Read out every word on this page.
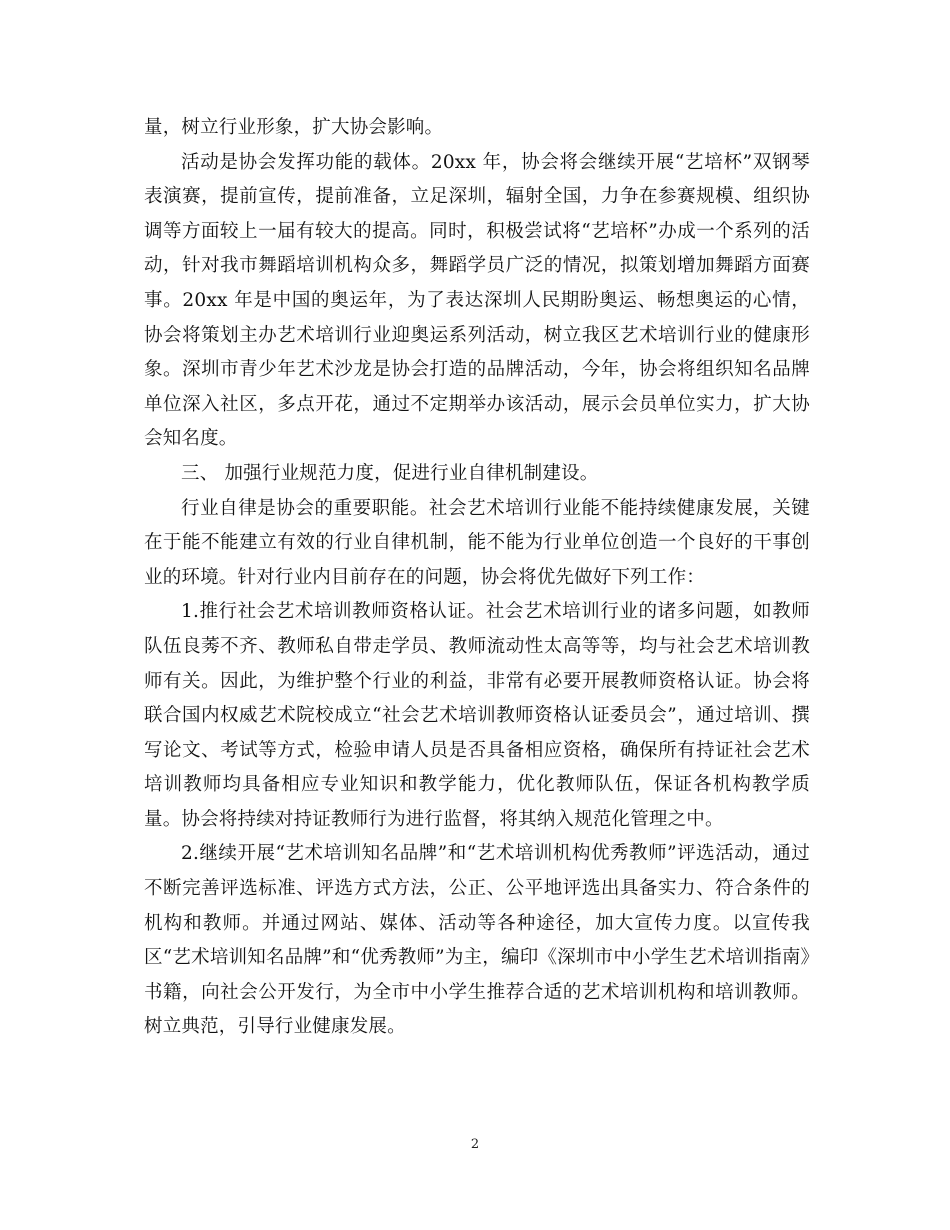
量，树立行业形象，扩大协会影响。

活动是协会发挥功能的载体。20xx 年，协会将会继续开展“艺培杯”双钢琴表演赛，提前宣传，提前准备，立足深圳，辐射全国，力争在参赛规模、组织协调等方面较上一届有较大的提高。同时，积极尝试将“艺培杯”办成一个系列的活动，针对我市舞蹈培训机构众多，舞蹈学员广泛的情况，拟策划增加舞蹈方面赛事。20xx 年是中国的奥运年，为了表达深圳人民期盼奥运、畅想奥运的心情，协会将策划主办艺术培训行业迎奥运系列活动，树立我区艺术培训行业的健康形象。深圳市青少年艺术沙龙是协会打造的品牌活动，今年，协会将组织知名品牌单位深入社区，多点开花，通过不定期举办该活动，展示会员单位实力，扩大协会知名度。

三、 加强行业规范力度，促进行业自律机制建设。

行业自律是协会的重要职能。社会艺术培训行业能不能持续健康发展，关键在于能不能建立有效的行业自律机制，能不能为行业单位创造一个良好的干事创业的环境。针对行业内目前存在的问题，协会将优先做好下列工作：

1.推行社会艺术培训教师资格认证。社会艺术培训行业的诸多问题，如教师队伍良莠不齐、教师私自带走学员、教师流动性太高等等，均与社会艺术培训教师有关。因此，为维护整个行业的利益，非常有必要开展教师资格认证。协会将联合国内权威艺术院校成立“社会艺术培训教师资格认证委员会”，通过培训、撰写论文、考试等方式，检验申请人员是否具备相应资格，确保所有持证社会艺术培训教师均具备相应专业知识和教学能力，优化教师队伍，保证各机构教学质量。协会将持续对持证教师行为进行监督，将其纳入规范化管理之中。

2.继续开展“艺术培训知名品牌”和“艺术培训机构优秀教师”评选活动，通过不断完善评选标准、评选方式方法，公正、公平地评选出具备实力、符合条件的机构和教师。并通过网站、媒体、活动等各种途径，加大宣传力度。以宣传我区“艺术培训知名品牌”和“优秀教师”为主，编印《深圳市中小学生艺术培训指南》书籍，向社会公开发行，为全市中小学生推荐合适的艺术培训机构和培训教师。树立典范，引导行业健康发展。

2
